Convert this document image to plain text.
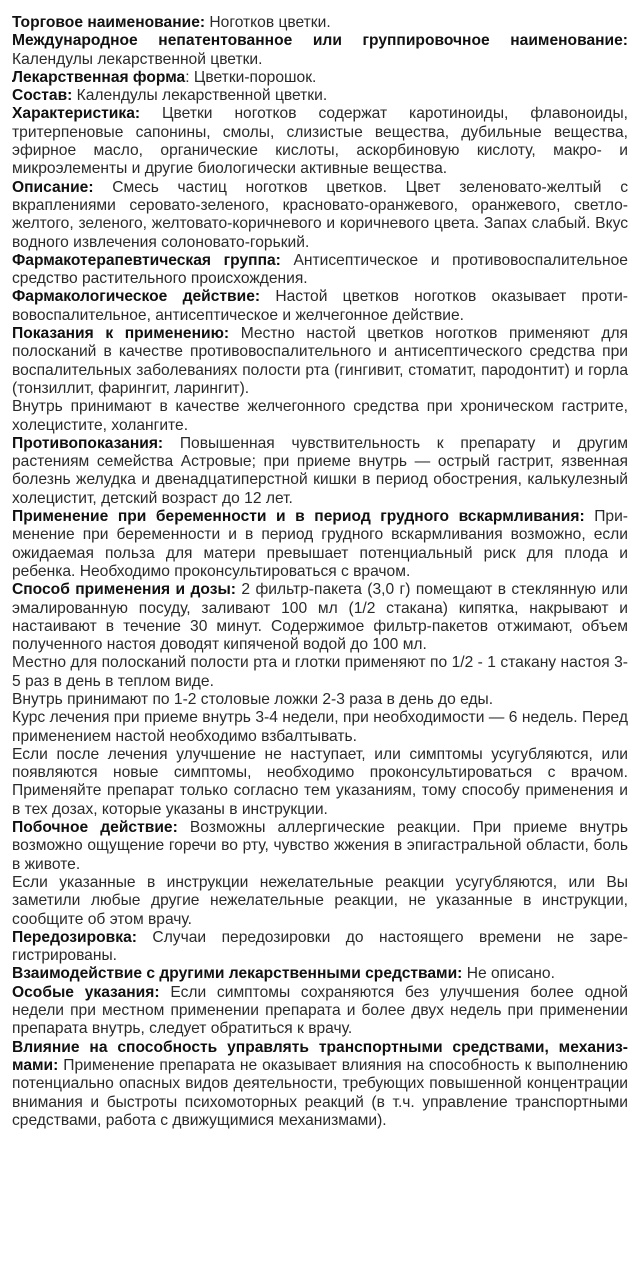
Торговое наименование: Ноготков цветки.

Международное непатентованное или группировочное наименование: Календулы лекарственной цветки.

Лекарственная форма: Цветки-порошок.

Состав: Календулы лекарственной цветки.

Характеристика: Цветки ноготков содержат каротиноиды, флавоноиды, тритерпеновые сапонины, смолы, слизистые вещества, дубильные вещества, эфирное масло, органические кислоты, аскорбиновую кислоту, макро- и микроэлементы и другие биологически активные вещества.

Описание: Смесь частиц ноготков цветков. Цвет зеленовато-желтый с вкраплениями серовато-зеленого, красновато-оранжевого, оранжевого, светло-желтого, зеленого, желтовато-коричневого и коричневого цвета. Запах слабый. Вкус водного извлечения солоновато-горький.

Фармакотерапевтическая группа: Антисептическое и противовоспалительное средство растительного происхождения.

Фармакологическое действие: Настой цветков ноготков оказывает противовоспалительное, антисептическое и желчегонное действие.

Показания к применению: Местно настой цветков ноготков применяют для полосканий в качестве противовоспалительного и антисептического средства при воспалительных заболеваниях полости рта (гингивит, стоматит, пародонтит) и горла (тонзиллит, фарингит, ларингит).

Внутрь принимают в качестве желчегонного средства при хроническом гастрите, холецистите, холангите.

Противопоказания: Повышенная чувствительность к препарату и другим растениям семейства Астровые; при приеме внутрь — острый гастрит, язвенная болезнь желудка и двенадцатиперстной кишки в период обострения, калькулезный холецистит, детский возраст до 12 лет.

Применение при беременности и в период грудного вскармливания: Применение при беременности и в период грудного вскармливания возможно, если ожидаемая польза для матери превышает потенциальный риск для плода и ребенка. Необходимо проконсультироваться с врачом.

Способ применения и дозы: 2 фильтр-пакета (3,0 г) помещают в стеклянную или эмалированную посуду, заливают 100 мл (1/2 стакана) кипятка, накрывают и настаивают в течение 30 минут. Содержимое фильтр-пакетов отжимают, объем полученного настоя доводят кипяченой водой до 100 мл.

Местно для полосканий полости рта и глотки применяют по 1/2 - 1 стакану настоя 3-5 раз в день в теплом виде.

Внутрь принимают по 1-2 столовые ложки 2-3 раза в день до еды.

Курс лечения при приеме внутрь 3-4 недели, при необходимости — 6 недель. Перед применением настой необходимо взбалтывать.

Если после лечения улучшение не наступает, или симптомы усугубляются, или появляются новые симптомы, необходимо проконсультироваться с врачом. Применяйте препарат только согласно тем указаниям, тому способу применения и в тех дозах, которые указаны в инструкции.

Побочное действие: Возможны аллергические реакции. При приеме внутрь возможно ощущение горечи во рту, чувство жжения в эпигастральной области, боль в животе.

Если указанные в инструкции нежелательные реакции усугубляются, или Вы заметили любые другие нежелательные реакции, не указанные в инструкции, сообщите об этом врачу.

Передозировка: Случаи передозировки до настоящего времени не зарегистрированы.

Взаимодействие с другими лекарственными средствами: Не описано.

Особые указания: Если симптомы сохраняются без улучшения более одной недели при местном применении препарата и более двух недель при применении препарата внутрь, следует обратиться к врачу.

Влияние на способность управлять транспортными средствами, механизмами: Применение препарата не оказывает влияния на способность к выполнению потенциально опасных видов деятельности, требующих повышенной концентрации внимания и быстроты психомоторных реакций (в т.ч. управление транспортными средствами, работа с движущимися механизмами).
